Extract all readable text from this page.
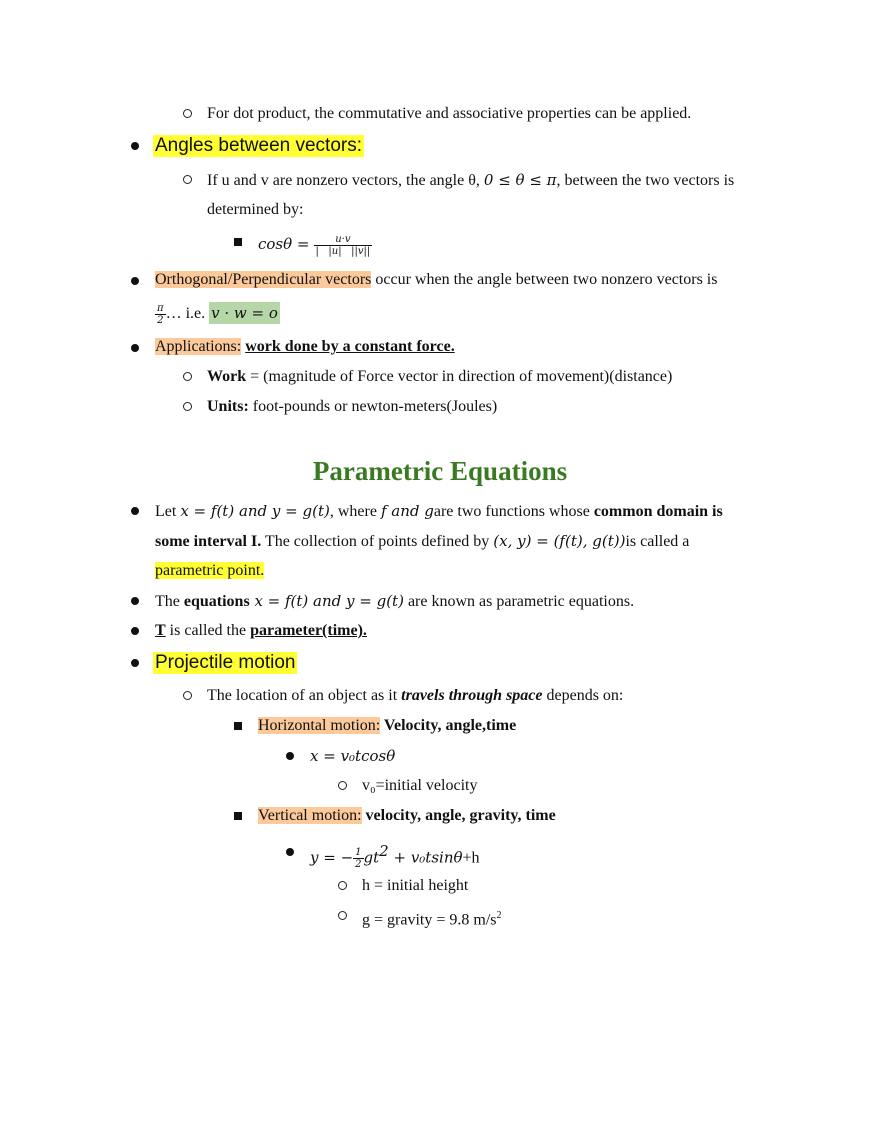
For dot product, the commutative and associative properties can be applied.
Angles between vectors:
If u and v are nonzero vectors, the angle θ, 0 ≤ θ ≤ π, between the two vectors is
determined by:
$\cos\theta = \frac{u\cdot v}{| |u| ||v||}$
Orthogonal/Perpendicular vectors occur when the angle between two nonzero vectors is
$\frac{\pi}{2}$ … i.e. v · w = o
Applications: work done by a constant force.
Work = (magnitude of Force vector in direction of movement)(distance)
Units: foot-pounds or newton-meters(Joules)
Parametric Equations
Let x = f(t) and y = g(t), where f and gare two functions whose common domain is
some interval I. The collection of points defined by (x, y) = (f(t), g(t))is called a
parametric point.
The equations x = f(t) and y = g(t) are known as parametric equations.
T is called the parameter(time).
Projectile motion
The location of an object as it travels through space depends on:
Horizontal motion: Velocity, angle,time
x = v₀tcosθ
v₀=initial velocity
Vertical motion: velocity, angle, gravity, time
y = − $\frac{1}{2} gt^2 + v_0tsin\theta+h$
h = initial height
g = gravity = 9.8 $m/s^2$
